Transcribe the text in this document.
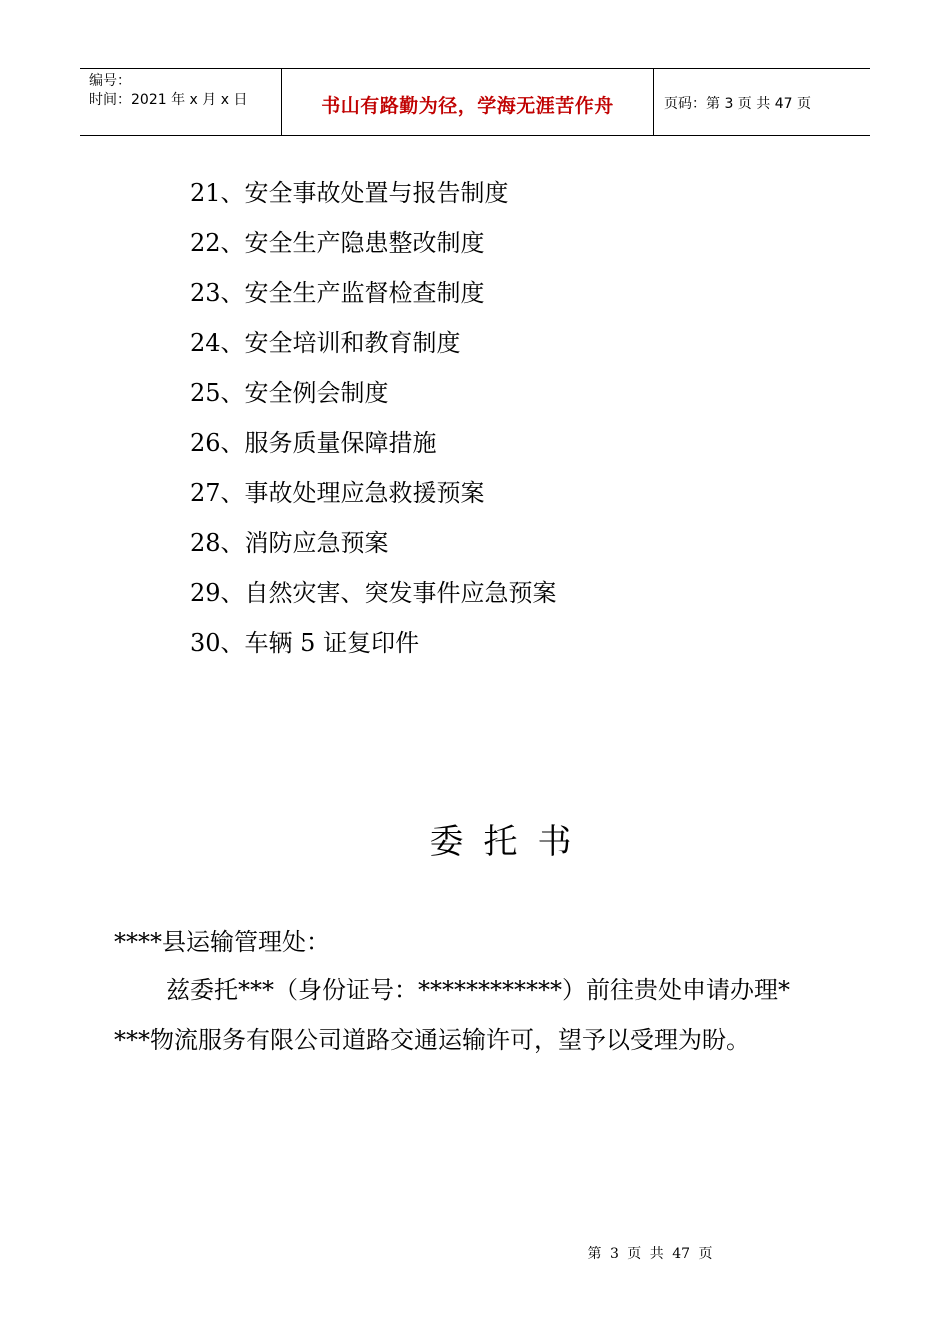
编号：
时间：2021 年 x 月 x 日	书山有路勤为径，学海无涯苦作舟	页码：第 3 页 共 47 页
21、安全事故处置与报告制度
22、安全生产隐患整改制度
23、安全生产监督检查制度
24、安全培训和教育制度
25、安全例会制度
26、服务质量保障措施
27、事故处理应急救援预案
28、消防应急预案
29、自然灾害、突发事件应急预案
30、车辆 5 证复印件
委托书
****县运输管理处：
兹委托***（身份证号：************）前往贵处申请办理*
***物流服务有限公司道路交通运输许可，望予以受理为盼。
第 3 页 共 47 页
